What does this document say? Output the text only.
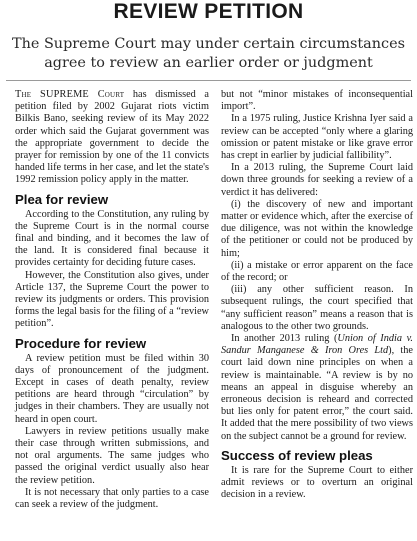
REVIEW PETITION
The Supreme Court may under certain circumstances agree to review an earlier order or judgment

The SUPREME Court has dismissed a petition filed by 2002 Gujarat riots victim Bilkis Bano, seeking review of its May 2022 order which said the Gujarat government was the appropriate government to decide the prayer for remission by one of the 11 convicts handed life terms in her case, and let the state's 1992 remission policy apply in the matter.

Plea for review

According to the Constitution, any ruling by the Supreme Court is in the normal course final and binding, and it becomes the law of the land. It is considered final because it provides certainty for deciding future cases.

However, the Constitution also gives, under Article 137, the Supreme Court the power to review its judgments or orders. This provision forms the legal basis for the filing of a “review petition”.

Procedure for review

A review petition must be filed within 30 days of pronouncement of the judgment. Except in cases of death penalty, review petitions are heard through “circulation” by judges in their chambers. They are usually not heard in open court.

Lawyers in review petitions usually make their case through written submissions, and not oral arguments. The same judges who passed the original verdict usually also hear the review petition.

It is not necessary that only parties to a case can seek a review of the judgment.

but not “minor mistakes of inconsequential import”.

In a 1975 ruling, Justice Krishna Iyer said a review can be accepted “only where a glaring omission or patent mistake or like grave error has crept in earlier by judicial fallibility”.

In a 2013 ruling, the Supreme Court laid down three grounds for seeking a review of a verdict it has delivered:

(i) the discovery of new and important matter or evidence which, after the exercise of due diligence, was not within the knowledge of the petitioner or could not be produced by him;

(ii) a mistake or error apparent on the face of the record; or

(iii) any other sufficient reason. In subsequent rulings, the court specified that “any sufficient reason” means a reason that is analogous to the other two grounds.

In another 2013 ruling (Union of India v. Sandur Manganese & Iron Ores Ltd), the court laid down nine principles on when a review is maintainable. “A review is by no means an appeal in disguise whereby an erroneous decision is reheard and corrected but lies only for patent error,” the court said. It added that the mere possibility of two views on the subject cannot be a ground for review.

Success of review pleas

It is rare for the Supreme Court to either admit reviews or to overturn an original decision in a review.
